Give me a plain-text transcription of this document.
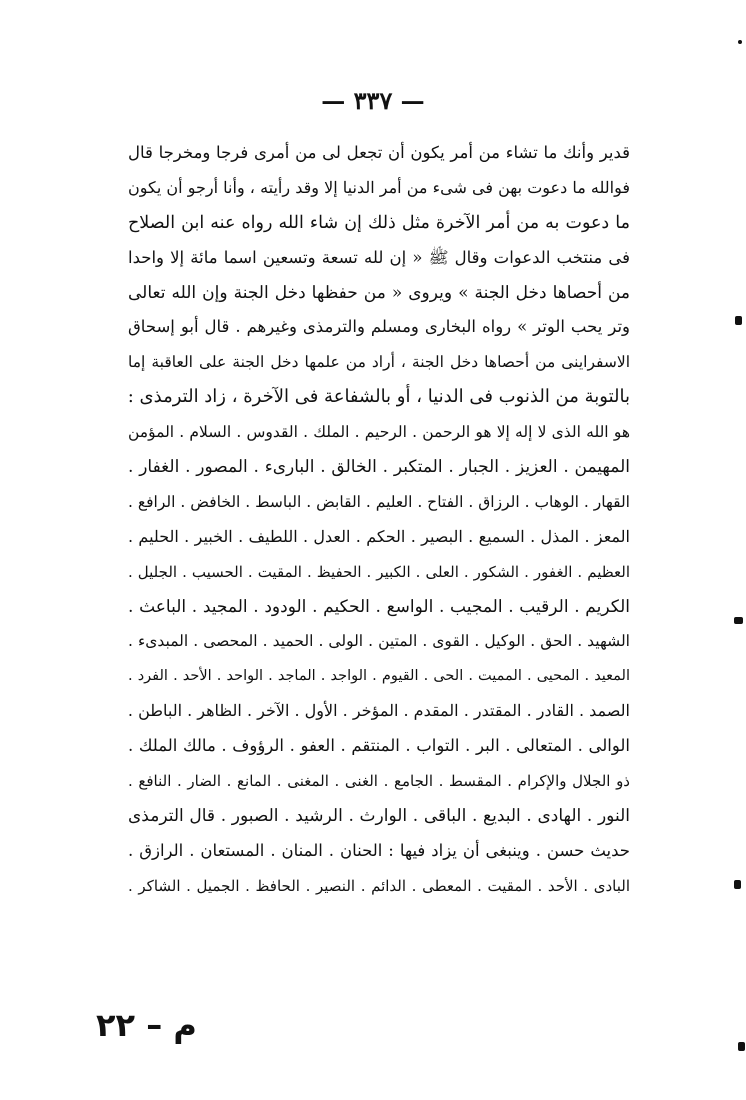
— ٣٣٧ —
قدير وأنك ما تشاء من أمر يكون أن تجعل لى من أمرى فرجا ومخرجا قال
فوالله ما دعوت بهن فى شىء من أمر الدنيا إلا وقد رأيته ، وأنا أرجو أن يكون
ما دعوت به من أمر الآخرة مثل ذلك إن شاء الله رواه عنه ابن الصلاح
فى منتخب الدعوات وقال ﷺ « إن لله تسعة وتسعين اسما مائة إلا واحدا
من أحصاها دخل الجنة » ويروى « من حفظها دخل الجنة وإن الله تعالى
وتر يحب الوتر » رواه البخارى ومسلم والترمذى وغيرهم . قال أبو إسحاق
الاسفراينى من أحصاها دخل الجنة ، أراد من علمها دخل الجنة على العاقبة إما
بالتوبة من الذنوب فى الدنيا ، أو بالشفاعة فى الآخرة ، زاد الترمذى :
هو الله الذى لا إله إلا هو الرحمن . الرحيم . الملك . القدوس . السلام . المؤمن
المهيمن . العزيز . الجبار . المتكبر . الخالق . البارىء . المصور . الغفار .
القهار . الوهاب . الرزاق . الفتاح . العليم . القابض . الباسط . الخافض . الرافع .
المعز . المذل . السميع . البصير . الحكم . العدل . اللطيف . الخبير . الحليم .
العظيم . الغفور . الشكور . العلى . الكبير . الحفيظ . المقيت . الحسيب . الجليل .
الكريم . الرقيب . المجيب . الواسع . الحكيم . الودود . المجيد . الباعث .
الشهيد . الحق . الوكيل . القوى . المتين . الولى . الحميد . المحصى . المبدىء .
المعيد . المحيى . المميت . الحى . القيوم . الواجد . الماجد . الواحد . الأحد . الفرد .
الصمد . القادر . المقتدر . المقدم . المؤخر . الأول . الآخر . الظاهر . الباطن .
الوالى . المتعالى . البر . التواب . المنتقم . العفو . الرؤوف . مالك الملك .
ذو الجلال والإكرام . المقسط . الجامع . الغنى . المغنى . المانع . الضار . النافع .
النور . الهادى . البديع . الباقى . الوارث . الرشيد . الصبور . قال الترمذى
حديث حسن . وينبغى أن يزاد فيها : الحنان . المنان . المستعان . الرازق .
البادى . الأحد . المقيت . المعطى . الدائم . النصير . الحافظ . الجميل . الشاكر .
م – ٢٢
